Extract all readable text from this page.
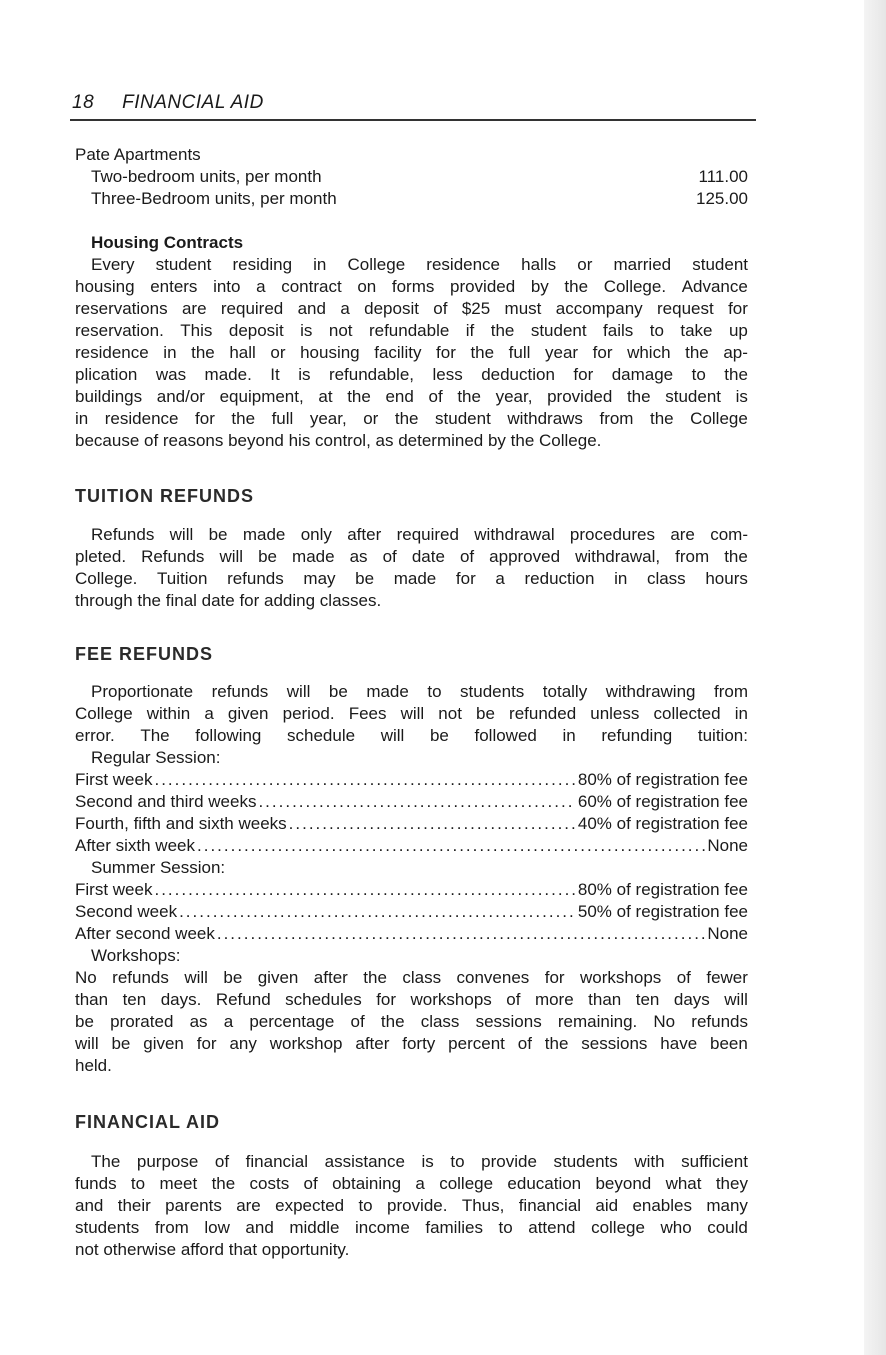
18 FINANCIAL AID
Pate Apartments
Two-bedroom units, per month	111.00
Three-Bedroom units, per month	125.00
Housing Contracts
Every student residing in College residence halls or married student
housing enters into a contract on forms provided by the College. Advance
reservations are required and a deposit of $25 must accompany request for
reservation. This deposit is not refundable if the student fails to take up
residence in the hall or housing facility for the full year for which the ap-
plication was made. It is refundable, less deduction for damage to the
buildings and/or equipment, at the end of the year, provided the student is
in residence for the full year, or the student withdraws from the College
because of reasons beyond his control, as determined by the College.
TUITION REFUNDS
Refunds will be made only after required withdrawal procedures are com-
pleted. Refunds will be made as of date of approved withdrawal, from the
College. Tuition refunds may be made for a reduction in class hours
through the final date for adding classes.
FEE REFUNDS
Proportionate refunds will be made to students totally withdrawing from
College within a given period. Fees will not be refunded unless collected in
error. The following schedule will be followed in refunding tuition:
Regular Session:
First week .....	80% of registration fee
Second and third weeks .....	60% of registration fee
Fourth, fifth and sixth weeks .....	40% of registration fee
After sixth week .....	None
Summer Session:
First week .....	80% of registration fee
Second week .....	50% of registration fee
After second week .....	None
Workshops:
No refunds will be given after the class convenes for workshops of fewer
than ten days. Refund schedules for workshops of more than ten days will
be prorated as a percentage of the class sessions remaining. No refunds
will be given for any workshop after forty percent of the sessions have been
held.
FINANCIAL AID
The purpose of financial assistance is to provide students with sufficient
funds to meet the costs of obtaining a college education beyond what they
and their parents are expected to provide. Thus, financial aid enables many
students from low and middle income families to attend college who could
not otherwise afford that opportunity.
